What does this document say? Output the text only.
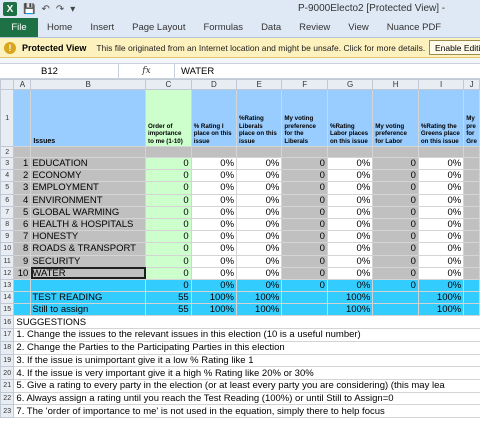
X 💾 ↶ ↷ ▾	P-9000Electo2 [Protected View] -
File	Home	Insert	Page Layout	Formulas	Data	Review	View	Nuance PDF
!	Protected View This file originated from an Internet location and might be unsafe. Click for more details.	Enable Editi
B12	fx	WATER
	A	B	C	D	E	F	G	H	I	J
1		Issues	Order of importance to me (1-10)	% Rating I place on this issue	%Rating Liberals place on this issue	My voting preference for the Liberals	%Rating Labor places on this issue	My voting preference for Labor	%Rating the Greens place on this issue	My pre for Gre
2										
3	1	EDUCATION	0	0%	0%	0	0%	0	0%	
4	2	ECONOMY	0	0%	0%	0	0%	0	0%	
5	3	EMPLOYMENT	0	0%	0%	0	0%	0	0%	
6	4	ENVIRONMENT	0	0%	0%	0	0%	0	0%	
7	5	GLOBAL WARMING	0	0%	0%	0	0%	0	0%	
8	6	HEALTH & HOSPITALS	0	0%	0%	0	0%	0	0%	
9	7	HONESTY	0	0%	0%	0	0%	0	0%	
10	8	ROADS & TRANSPORT	0	0%	0%	0	0%	0	0%	
11	9	SECURITY	0	0%	0%	0	0%	0	0%	
12	10	WATER	0	0%	0%	0	0%	0	0%	
13			0	0%	0%	0	0%	0	0%	
14		TEST READING	55	100%	100%		100%		100%	
15		Still to assign	55	100%	100%		100%		100%	
16	SUGGESTIONS									
17	1. Change the issues to the relevant issues in this election (10 is a useful number)									
18	2. Change the Parties to the Participating Parties in this election									
19	3. If the issue is unimportant give it a low % Rating like 1									
20	4. If the issue is very important give it a high % Rating like 20% or 30%									
21	5. Give a rating to every party in the election (or at least every party you are considering) (this may lea									
22	6. Always assign a rating until you reach the Test Reading (100%) or until Still to Assign=0									
23	7. The 'order of importance to me' is not used in the equation, simply there to help focus									
